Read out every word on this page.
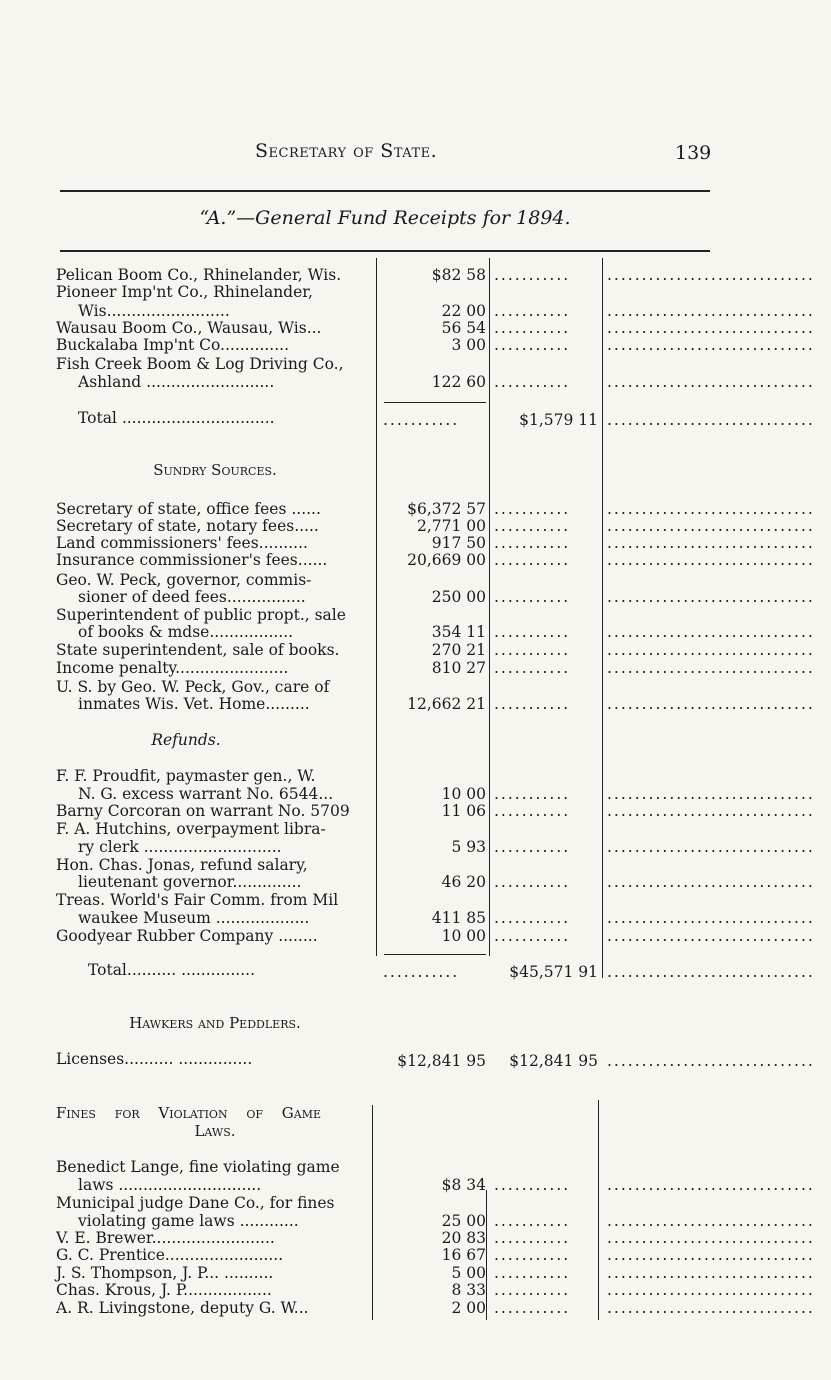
Secretary of State.	139
“A.”—General Fund Receipts for 1894.
Pelican Boom Co., Rhinelander, Wis.	$82 58 ...........	..............................
Pioneer Imp'nt Co., Rhinelander,
Wis.........................	22 00 ...........	..............................
Wausau Boom Co., Wausau, Wis...	56 54 ...........	..............................
Buckalaba Imp'nt Co..............	3 00 ...........	..............................
Fish Creek Boom & Log Driving Co.,
Ashland ..........................	122 60 ...........	..............................
Total ...............................	...........	$1,579 11 ..............................
Sundry Sources.
Secretary of state, office fees ......	$6,372 57 ...........	..............................
Secretary of state, notary fees.....	2,771 00 ...........	..............................
Land commissioners' fees..........	917 50 ...........	..............................
Insurance commissioner's fees......	20,669 00 ...........	..............................
Geo. W. Peck, governor, commis-
sioner of deed fees................	250 00 ...........	..............................
Superintendent of public propt., sale
of books & mdse.................	354 11 ...........	..............................
State superintendent, sale of books.	270 21 ...........	..............................
Income penalty.......................	810 27 ...........	..............................
U. S. by Geo. W. Peck, Gov., care of
inmates Wis. Vet. Home.........	12,662 21 ...........	..............................
Refunds.
F. F. Proudfit, paymaster gen., W.
N. G. excess warrant No. 6544...	10 00 ...........	..............................
Barny Corcoran on warrant No. 5709	11 06 ...........	..............................
F. A. Hutchins, overpayment libra-
ry clerk ............................	5 93 ...........	..............................
Hon. Chas. Jonas, refund salary,
lieutenant governor..............	46 20 ...........	..............................
Treas. World's Fair Comm. from Mil
waukee Museum ...................	411 85 ...........	..............................
Goodyear Rubber Company ........	10 00 ...........	..............................
Total.......... ...............	...........	$45,571 91 ..............................
Hawkers and Peddlers.
Licenses.......... ...............	$12,841 95	$12,841 95 ..............................
Fines for Violation of Game
Laws.
Benedict Lange, fine violating game
laws .............................	$8 34 ...........	..............................
Municipal judge Dane Co., for fines
violating game laws ............	25 00 ...........	..............................
V. E. Brewer.........................	20 83 ...........	..............................
G. C. Prentice........................	16 67 ...........	..............................
J. S. Thompson, J. P... ..........	5 00 ...........	..............................
Chas. Krous, J. P..................	8 33 ...........	..............................
A. R. Livingstone, deputy G. W...	2 00 ...........	..............................
